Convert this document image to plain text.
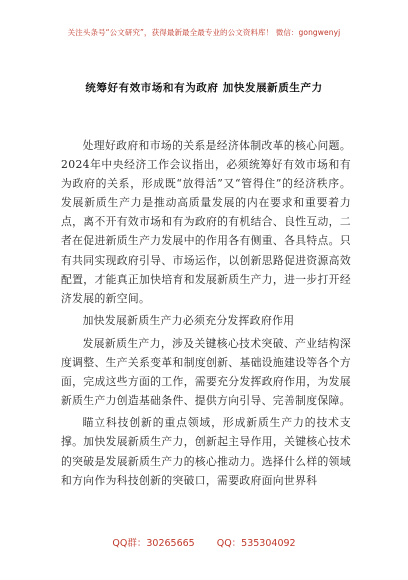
关注头条号“公文研究”，获得最新最全最专业的公文资料库！ 微信：gongwenyj
统筹好有效市场和有为政府 加快发展新质生产力

处理好政府和市场的关系是经济体制改革的核心问题。2024年中央经济工作会议指出，必须统筹好有效市场和有为政府的关系，形成既“放得活”又“管得住”的经济秩序。发展新质生产力是推动高质量发展的内在要求和重要着力点，离不开有效市场和有为政府的有机结合、良性互动，二者在促进新质生产力发展中的作用各有侧重、各具特点。只有共同实现政府引导、市场运作，以创新思路促进资源高效配置，才能真正加快培育和发展新质生产力，进一步打开经济发展的新空间。

加快发展新质生产力必须充分发挥政府作用

发展新质生产力，涉及关键核心技术突破、产业结构深度调整、生产关系变革和制度创新、基础设施建设等各个方面，完成这些方面的工作，需要充分发挥政府作用，为发展新质生产力创造基础条件、提供方向引导、完善制度保障。

瞄立科技创新的重点领域，形成新质生产力的技术支撑。加快发展新质生产力，创新起主导作用，关键核心技术的突破是发展新质生产力的核心推动力。选择什么样的领域和方向作为科技创新的突破口，需要政府面向世界科

QQ群：30265665 QQ：535304092
